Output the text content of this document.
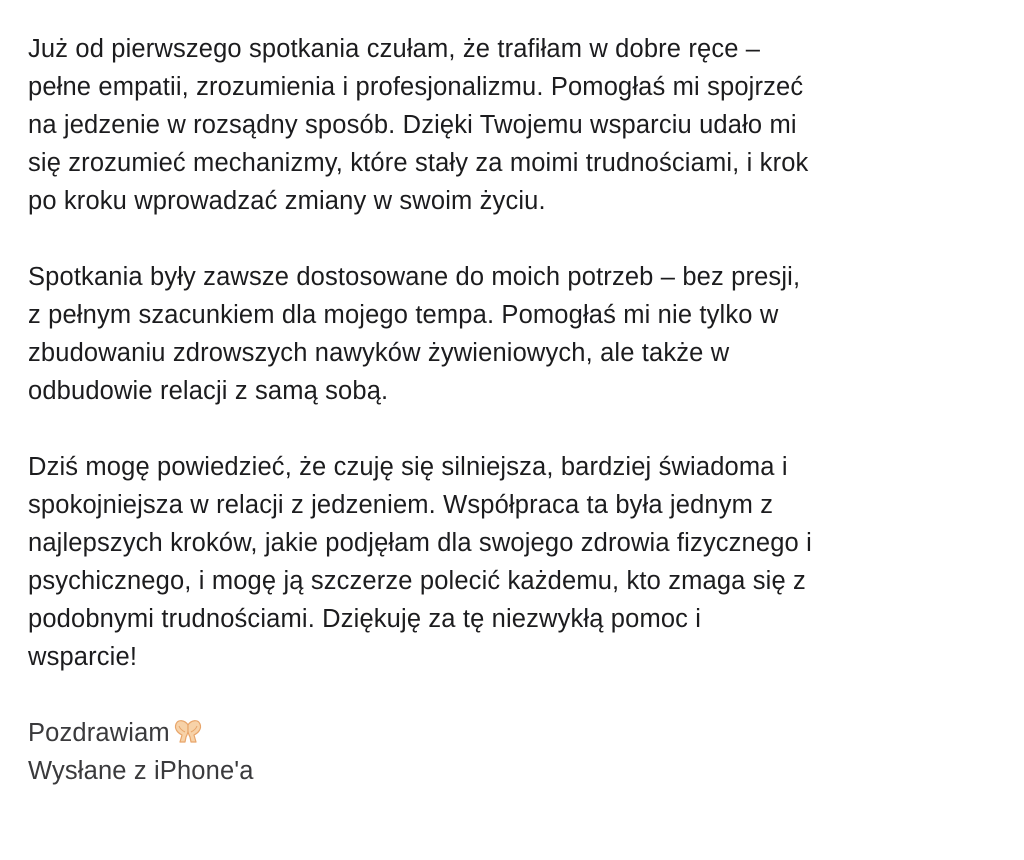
Już od pierwszego spotkania czułam, że trafiłam w dobre ręce –
pełne empatii, zrozumienia i profesjonalizmu. Pomogłaś mi spojrzeć
na jedzenie w rozsądny sposób. Dzięki Twojemu wsparciu udało mi
się zrozumieć mechanizmy, które stały za moimi trudnościami, i krok
po kroku wprowadzać zmiany w swoim życiu.
Spotkania były zawsze dostosowane do moich potrzeb – bez presji,
z pełnym szacunkiem dla mojego tempa. Pomogłaś mi nie tylko w
zbudowaniu zdrowszych nawyków żywieniowych, ale także w
odbudowie relacji z samą sobą.
Dziś mogę powiedzieć, że czuję się silniejsza, bardziej świadoma i
spokojniejsza w relacji z jedzeniem. Współpraca ta była jednym z
najlepszych kroków, jakie podjęłam dla swojego zdrowia fizycznego i
psychicznego, i mogę ją szczerze polecić każdemu, kto zmaga się z
podobnymi trudnościami. Dziękuję za tę niezwykłą pomoc i
wsparcie!
Pozdrawiam
Wysłane z iPhone'a
